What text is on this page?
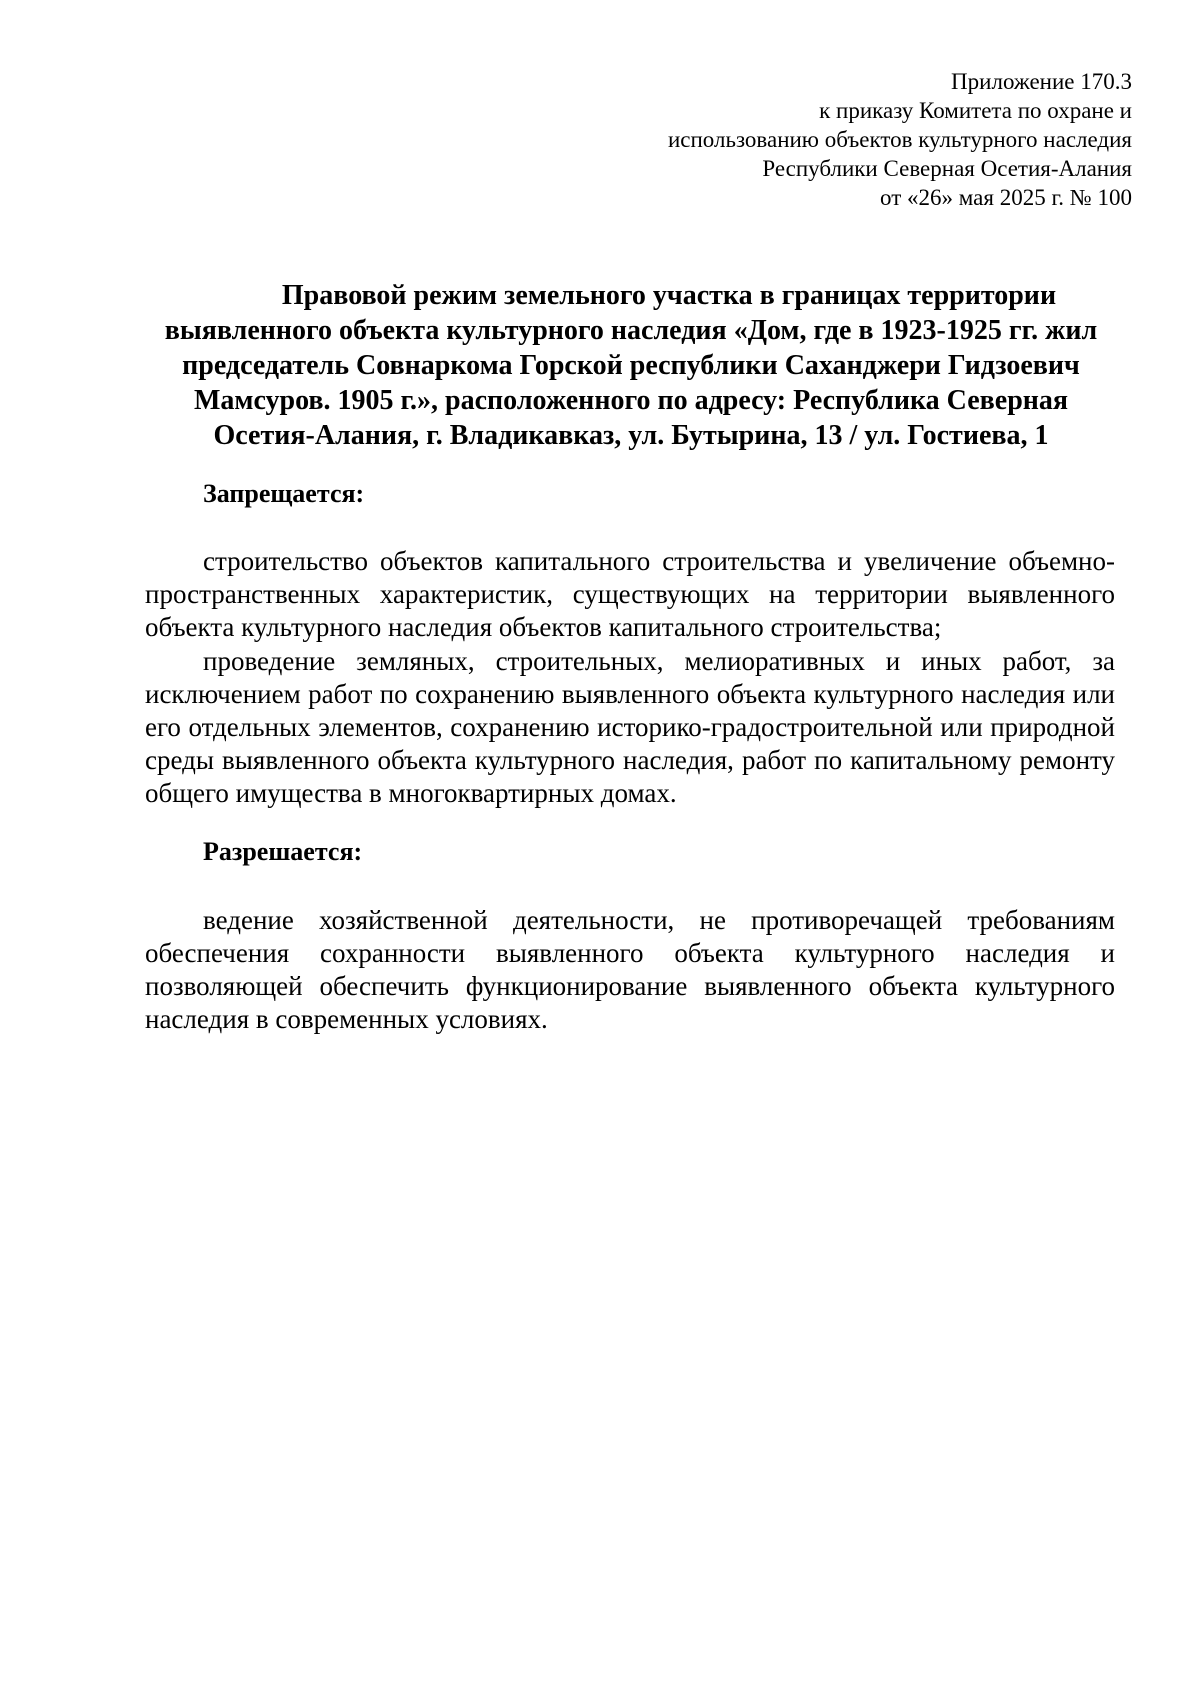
Приложение 170.3
к приказу Комитета по охране и
использованию объектов культурного наследия
Республики Северная Осетия-Алания
от «26» мая 2025 г. № 100
Правовой режим земельного участка в границах территории
выявленного объекта культурного наследия «Дом, где в 1923-1925 гг. жил
председатель Совнаркома Горской республики Саханджери Гидзоевич
Мамсуров. 1905 г.», расположенного по адресу: Республика Северная
Осетия-Алания, г. Владикавказ, ул. Бутырина, 13 / ул. Гостиева, 1
Запрещается:

строительство объектов капитального строительства и увеличение объемно-пространственных характеристик, существующих на территории выявленного объекта культурного наследия объектов капитального строительства;

проведение земляных, строительных, мелиоративных и иных работ, за исключением работ по сохранению выявленного объекта культурного наследия или его отдельных элементов, сохранению историко-градостроительной или природной среды выявленного объекта культурного наследия, работ по капитальному ремонту общего имущества в многоквартирных домах.

Разрешается:

ведение хозяйственной деятельности, не противоречащей требованиям обеспечения сохранности выявленного объекта культурного наследия и позволяющей обеспечить функционирование выявленного объекта культурного наследия в современных условиях.
